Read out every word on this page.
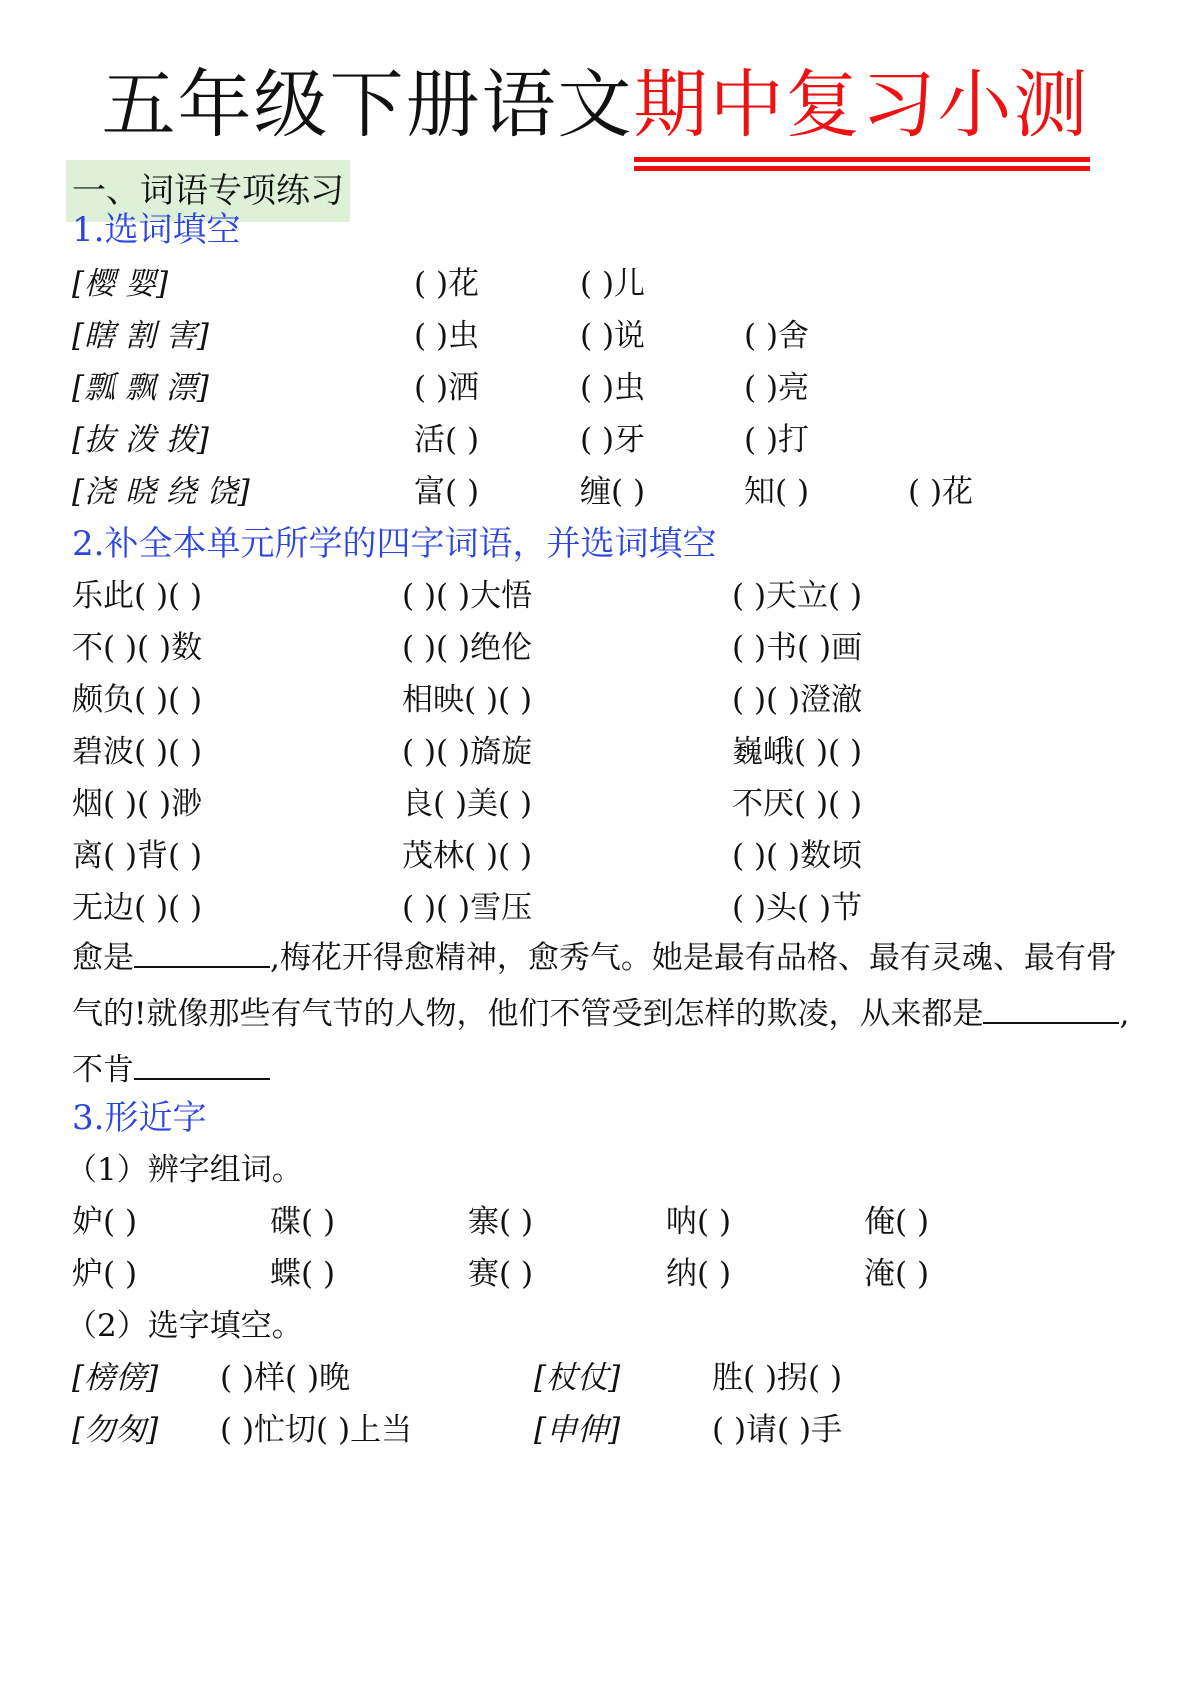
五年级下册语文期中复习小测
一、词语专项练习
1.选词填空
[樱 婴]	( )花	( )儿
[瞎 割 害]	( )虫	( )说	( )舍
[瓢 飘 漂]	( )洒	( )虫	( )亮
[抜 泼 拨]	活( )	( )牙	( )打
[浇 晓 绕 饶]	富( )	缠( )	知( )	( )花
2.补全本单元所学的四字词语，并选词填空
乐此( )( )	( )( )大悟	( )天立( )
不( )( )数	( )( )绝伦	( )书( )画
颇负( )( )	相映( )( )	( )( )澄澈
碧波( )( )	( )( )旖旋	巍峨( )( )
烟( )( )渺	良( )美( )	不厌( )( )
离( )背( )	茂林( )( )	( )( )数顷
无边( )( )	( )( )雪压	( )头( )节
愈是	,梅花开得愈精神，愈秀气。她是最有品格、最有灵魂、最有骨气的!就像那些有气节的人物，他们不管受到怎样的欺凌，从来都是	,不肯
3.形近字
（1）辨字组词。
妒( )	碟( )	寨( )	呐( )	俺( )
炉( )	蝶( )	赛( )	纳( )	淹( )
（2）选字填空。
[榜傍] ( )样( )晚	[杖仗]	胜( )拐( )
[勿匆] ( )忙切( )上当	[申伸]	( )请( )手
